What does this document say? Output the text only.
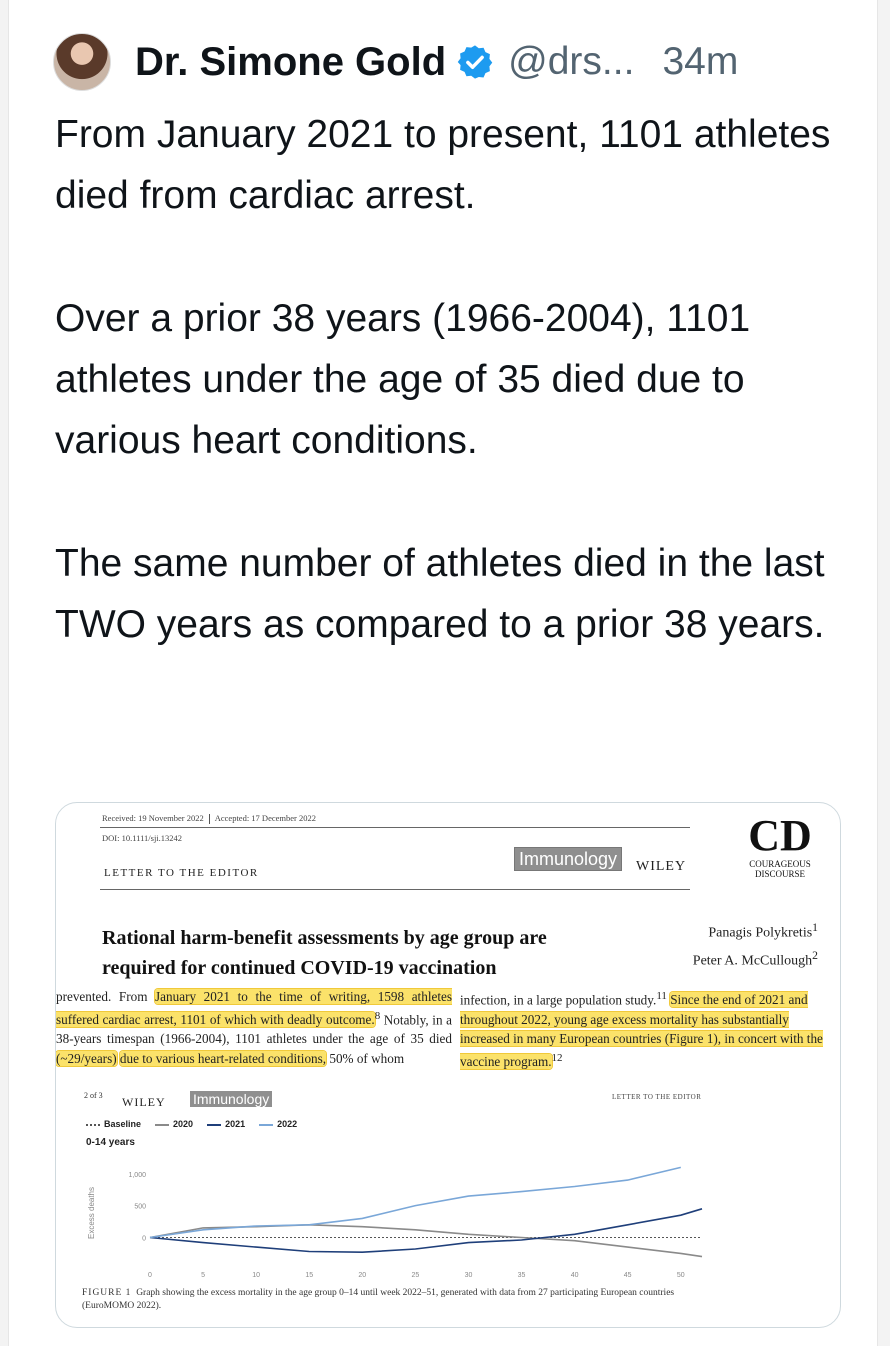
Dr. Simone Gold @drs... 34m

From January 2021 to present, 1101 athletes died from cardiac arrest.

Over a prior 38 years (1966-2004), 1101 athletes under the age of 35 died due to various heart conditions.

The same number of athletes died in the last TWO years as compared to a prior 38 years.

Received: 19 November 2022 Accepted: 17 December 2022
DOI: 10.1111/sji.13242
Immunology	WILEY
LETTER TO THE EDITOR
CD
COURAGEOUS
DISCOURSE
Rational harm-benefit assessments by age group are required for continued COVID-19 vaccination
Panagis Polykretis$^1$
Peter A. McCullough$^2$
prevented. From January 2021 to the time of writing, 1598 athletes suffered cardiac arrest, 1101 of which with deadly outcome.$^8$ Notably, in a 38-years timespan (1966-2004), 1101 athletes under the age of 35 died (~29/years) due to various heart-related conditions, 50% of whom
infection, in a large population study.$^{11}$ Since the end of 2021 and throughout 2022, young age excess mortality has substantially increased in many European countries (Figure 1), in concert with the vaccine program.$^{12}$
2 of 3 WILEY Immunology	LETTER TO THE EDITOR
Baseline	2020	2021	2022
0-14 years
Excess deaths	0
500
1,000
0	5	10	15	20	25	30	35	40	45	50
FIGURE 1 Graph showing the excess mortality in the age group 0–14 until week 2022–51, generated with data from 27 participating European countries (EuroMOMO 2022).
